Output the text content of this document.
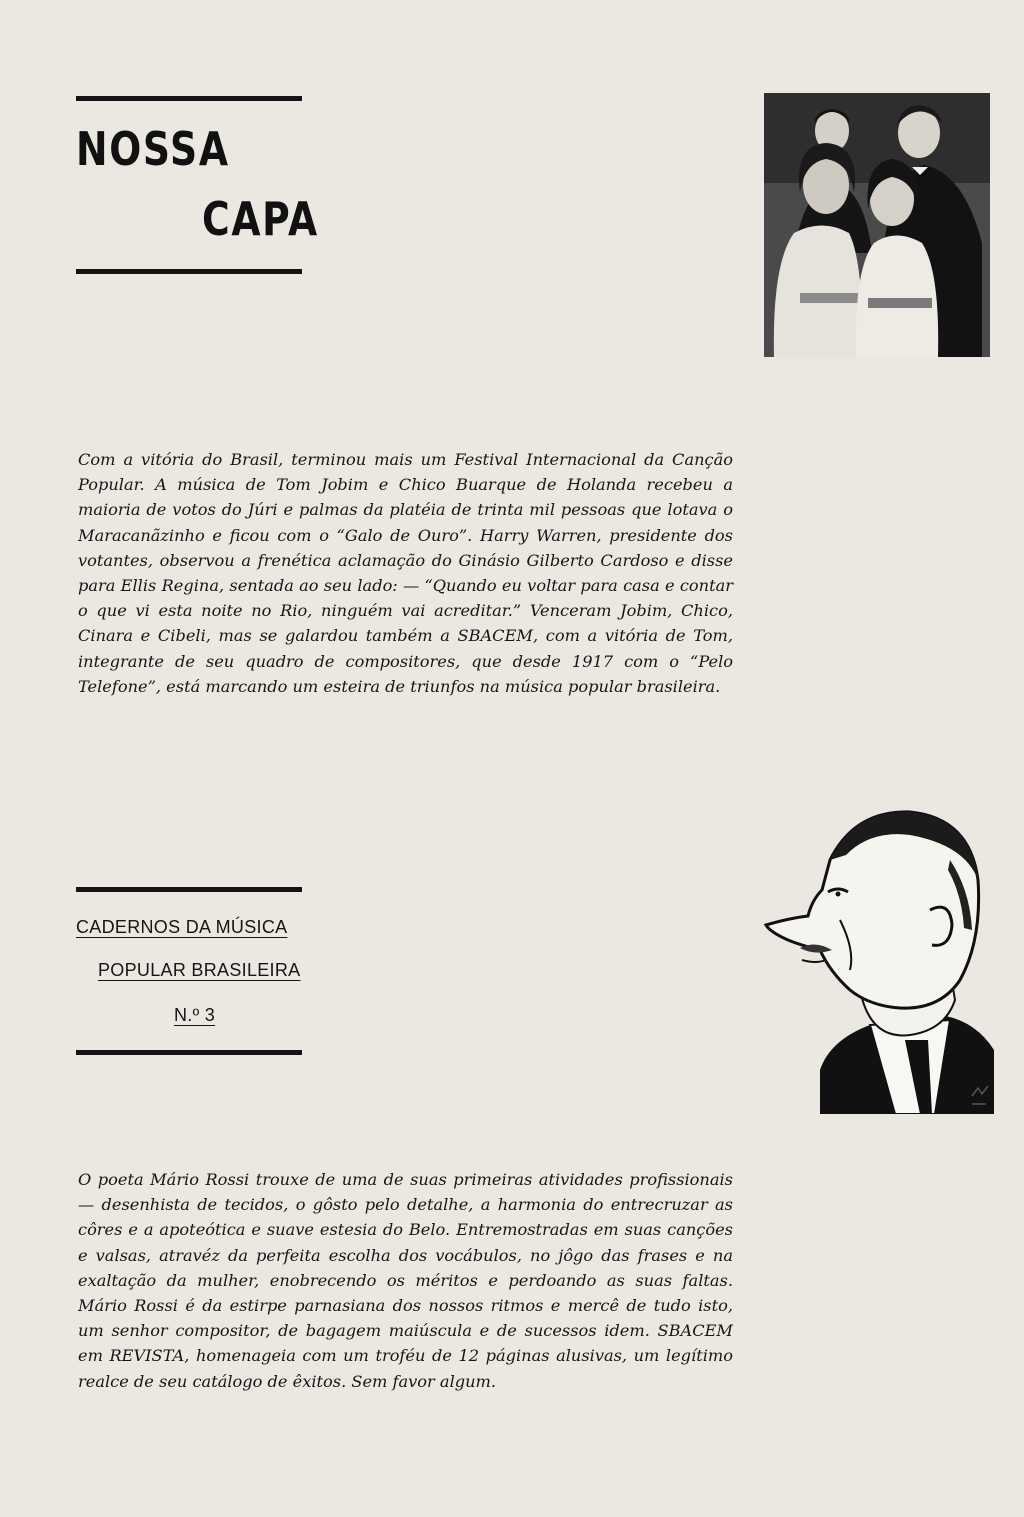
NOSSA
CAPA

Com a vitória do Brasil, terminou mais um Festival Internacional da Canção Popular. A música de Tom Jobim e Chico Buarque de Holanda recebeu a maioria de votos do Júri e palmas da platéia de trinta mil pessoas que lotava o Maracanãzinho e ficou com o “Galo de Ouro”. Harry Warren, presidente dos votantes, observou a frenética aclamação do Ginásio Gilberto Cardoso e disse para Ellis Regina, sentada ao seu lado: — “Quando eu voltar para casa e contar o que vi esta noite no Rio, ninguém vai acreditar.” Venceram Jobim, Chico, Cinara e Cibeli, mas se galardou também a SBACEM, com a vitória de Tom, integrante de seu quadro de compositores, que desde 1917 com o “Pelo Telefone”, está marcando um esteira de triunfos na música popular brasileira.

CADERNOS DA MÚSICA
POPULAR BRASILEIRA
N.º 3

O poeta Mário Rossi trouxe de uma de suas primeiras atividades profissionais — desenhista de tecidos, o gôsto pelo detalhe, a harmonia do entrecruzar as côres e a apoteótica e suave estesia do Belo. Entremostradas em suas canções e valsas, atravéz da perfeita escolha dos vocábulos, no jôgo das frases e na exaltação da mulher, enobrecendo os méritos e perdoando as suas faltas. Mário Rossi é da estirpe parnasiana dos nossos ritmos e mercê de tudo isto, um senhor compositor, de bagagem maiúscula e de sucessos idem. SBACEM em REVISTA, homenageia com um troféu de 12 páginas alusivas, um legítimo realce de seu catálogo de êxitos. Sem favor algum.
